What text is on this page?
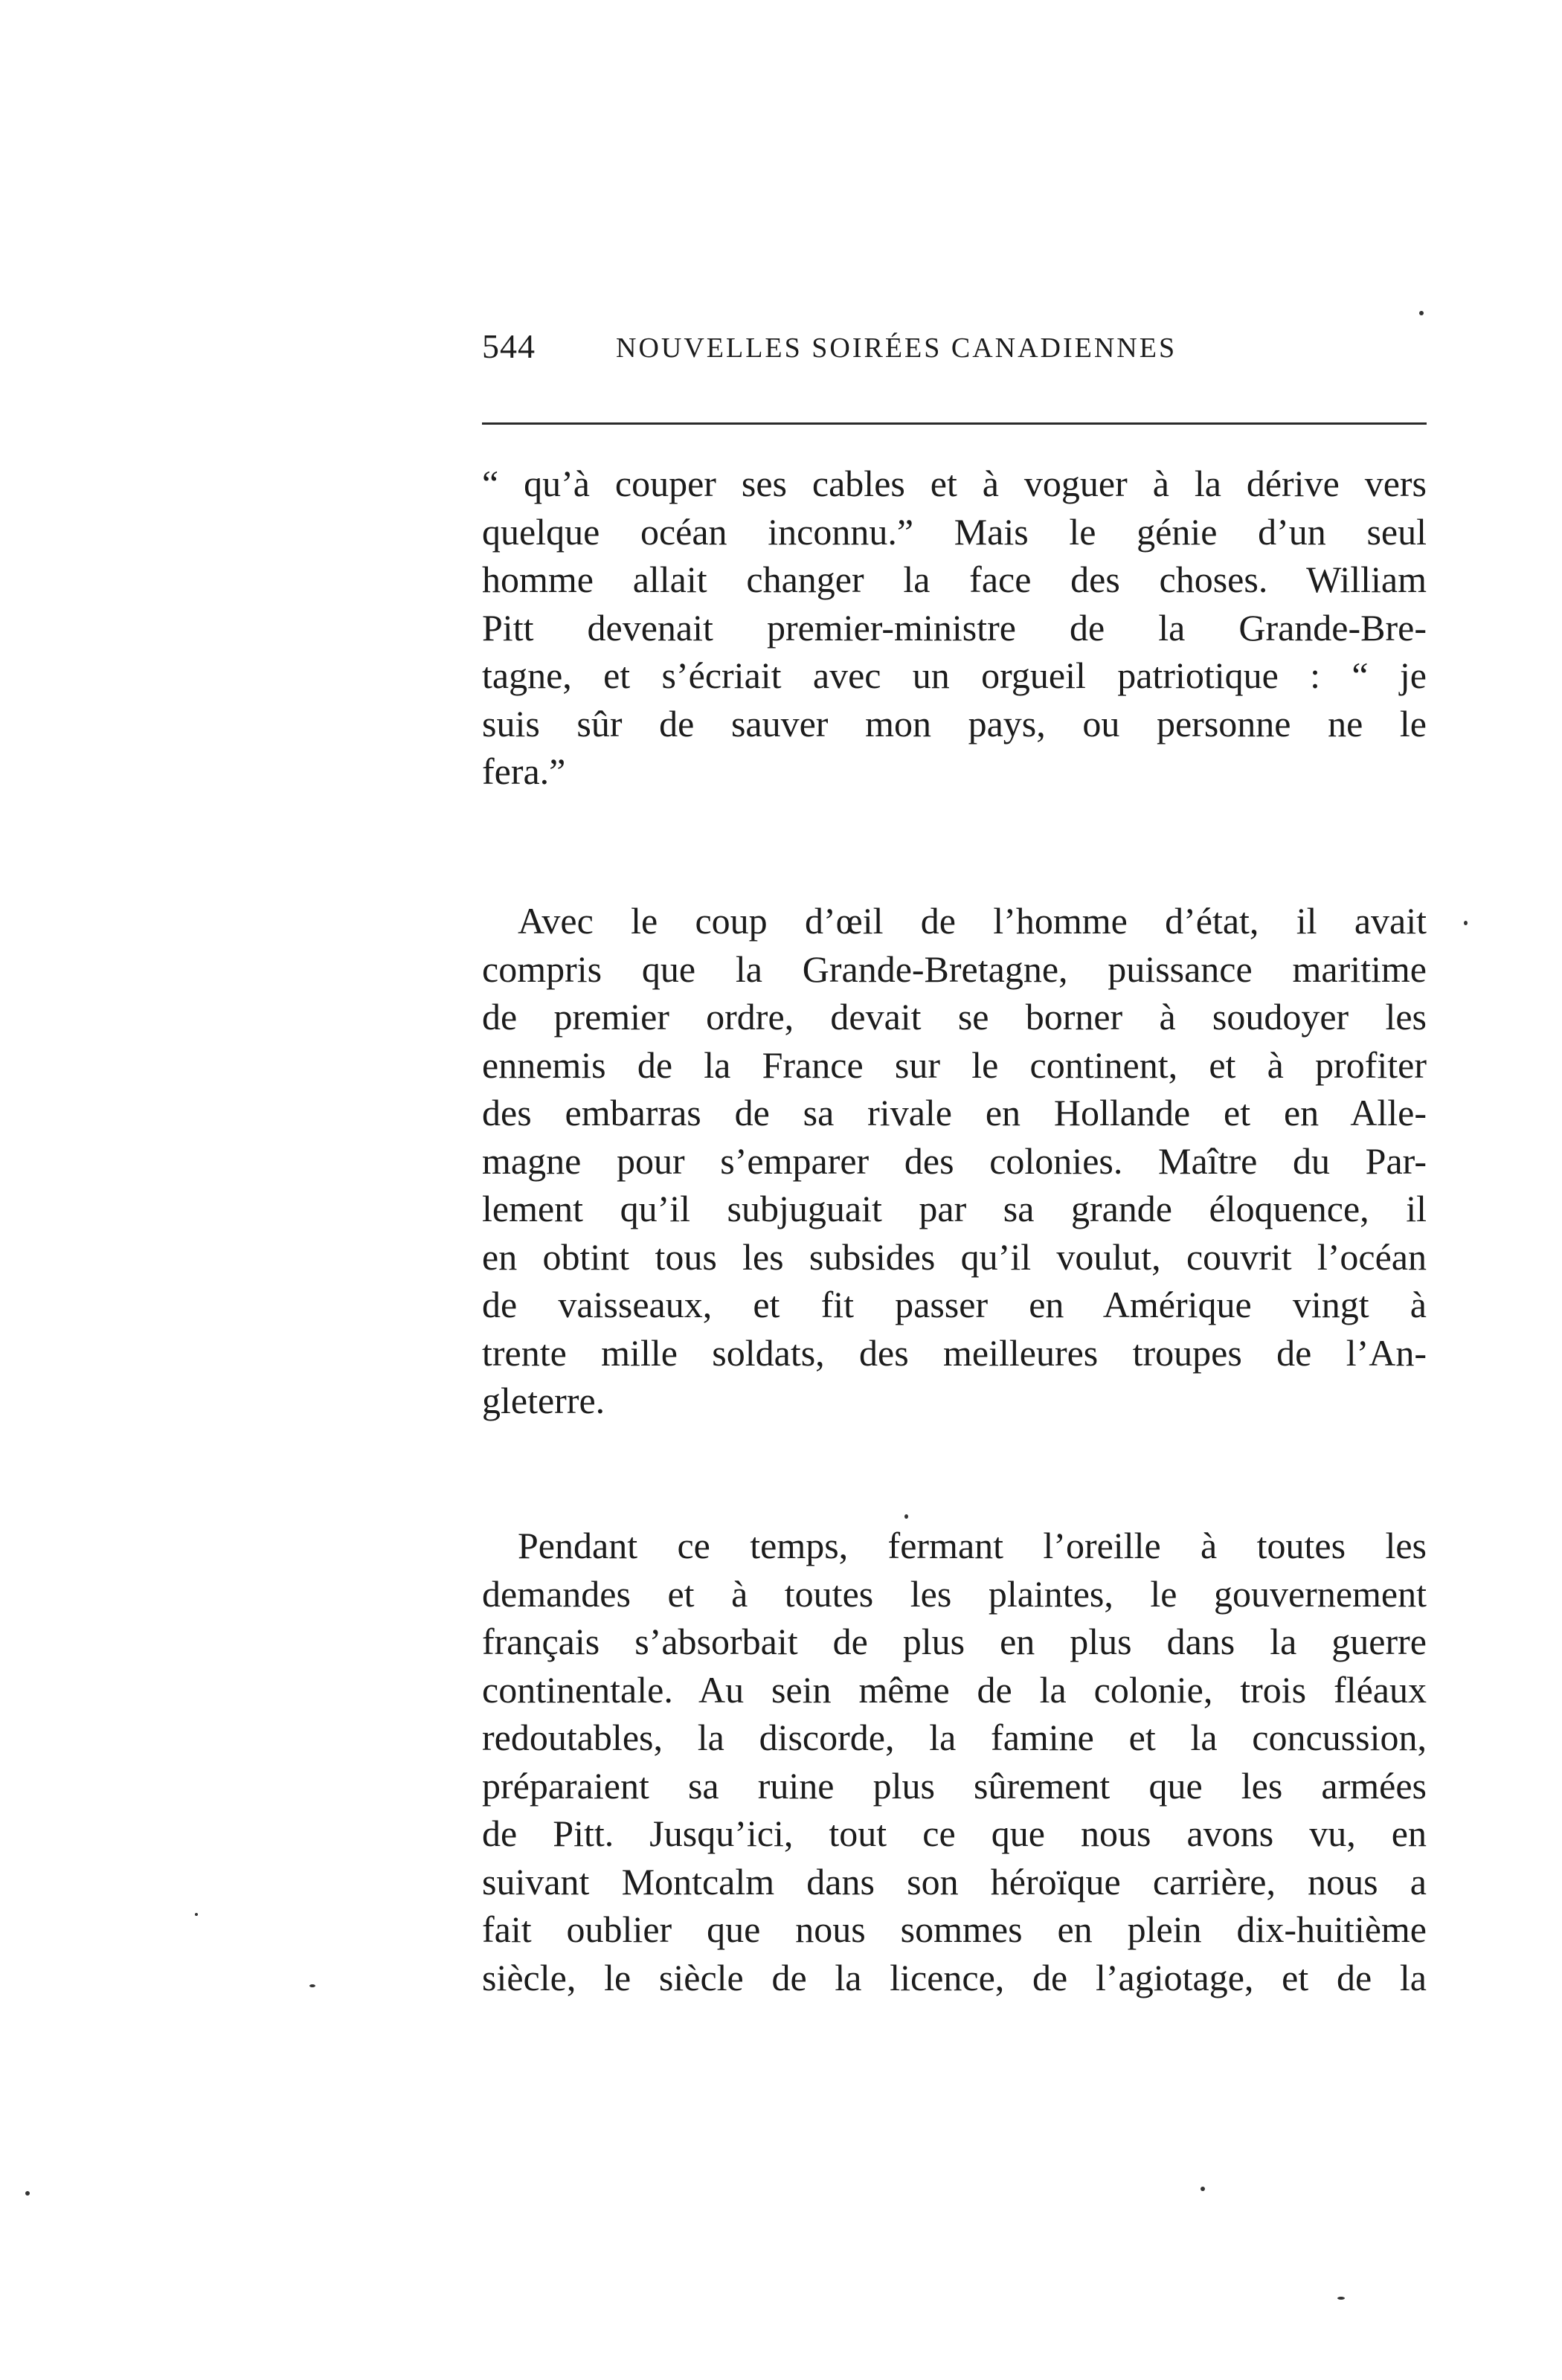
544	NOUVELLES SOIRÉES CANADIENNES
“ qu’à couper ses cables et à voguer à la dérive vers
quelque océan inconnu.” Mais le génie d’un seul
homme allait changer la face des choses. William
Pitt devenait premier-ministre de la Grande-Bre-
tagne, et s’écriait avec un orgueil patriotique : “ je
suis sûr de sauver mon pays, ou personne ne le
fera.”
Avec le coup d’œil de l’homme d’état, il avait
compris que la Grande-Bretagne, puissance maritime
de premier ordre, devait se borner à soudoyer les
ennemis de la France sur le continent, et à profiter
des embarras de sa rivale en Hollande et en Alle-
magne pour s’emparer des colonies. Maître du Par-
lement qu’il subjuguait par sa grande éloquence, il
en obtint tous les subsides qu’il voulut, couvrit l’océan
de vaisseaux, et fit passer en Amérique vingt à
trente mille soldats, des meilleures troupes de l’An-
gleterre.
Pendant ce temps, fermant l’oreille à toutes les
demandes et à toutes les plaintes, le gouvernement
français s’absorbait de plus en plus dans la guerre
continentale. Au sein même de la colonie, trois fléaux
redoutables, la discorde, la famine et la concussion,
préparaient sa ruine plus sûrement que les armées
de Pitt. Jusqu’ici, tout ce que nous avons vu, en
suivant Montcalm dans son héroïque carrière, nous a
fait oublier que nous sommes en plein dix-huitième
siècle, le siècle de la licence, de l’agiotage, et de la
